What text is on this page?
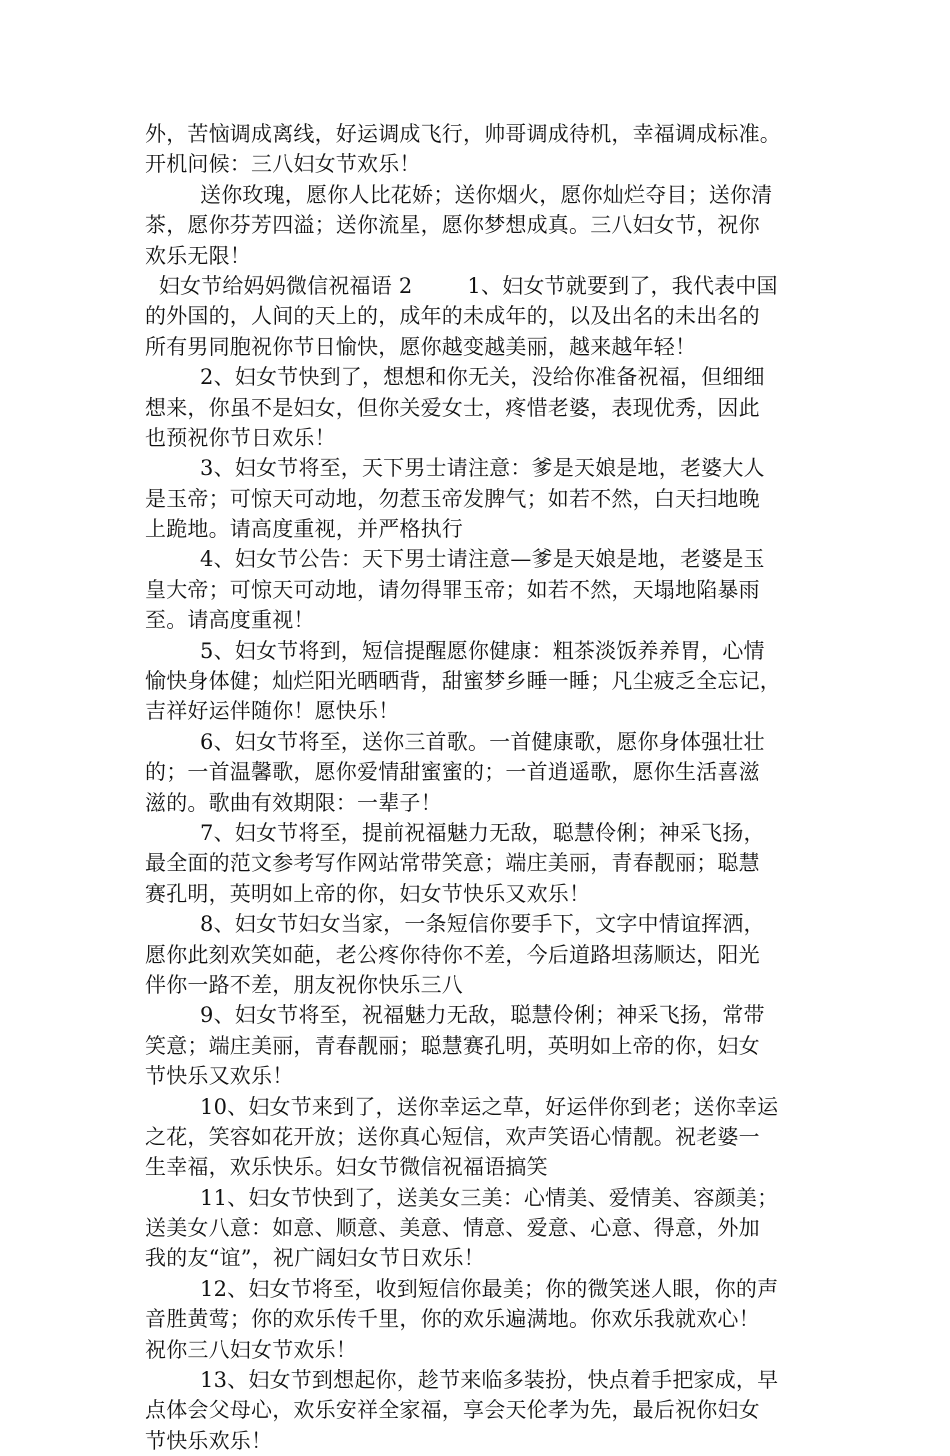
外，苦恼调成离线，好运调成飞行，帅哥调成待机，幸福调成标准。
开机问候：三八妇女节欢乐！
送你玫瑰，愿你人比花娇；送你烟火，愿你灿烂夺目；送你清
茶，愿你芬芳四溢；送你流星，愿你梦想成真。三八妇女节，祝你
欢乐无限！
妇女节给妈妈微信祝福语 2        1、妇女节就要到了，我代表中国
的外国的，人间的天上的，成年的未成年的，以及出名的未出名的
所有男同胞祝你节日愉快，愿你越变越美丽，越来越年轻！
2、妇女节快到了，想想和你无关，没给你准备祝福，但细细
想来，你虽不是妇女，但你关爱女士，疼惜老婆，表现优秀，因此
也预祝你节日欢乐！
3、妇女节将至，天下男士请注意：爹是天娘是地，老婆大人
是玉帝；可惊天可动地，勿惹玉帝发脾气；如若不然，白天扫地晚
上跪地。请高度重视，并严格执行
4、妇女节公告：天下男士请注意—爹是天娘是地，老婆是玉
皇大帝；可惊天可动地，请勿得罪玉帝；如若不然，天塌地陷暴雨
至。请高度重视！
5、妇女节将到，短信提醒愿你健康：粗茶淡饭养养胃，心情
愉快身体健；灿烂阳光晒晒背，甜蜜梦乡睡一睡；凡尘疲乏全忘记，
吉祥好运伴随你！愿快乐！
6、妇女节将至，送你三首歌。一首健康歌，愿你身体强壮壮
的；一首温馨歌，愿你爱情甜蜜蜜的；一首逍遥歌，愿你生活喜滋
滋的。歌曲有效期限：一辈子！
7、妇女节将至，提前祝福魅力无敌，聪慧伶俐；神采飞扬，
最全面的范文参考写作网站常带笑意；端庄美丽，青春靓丽；聪慧
赛孔明，英明如上帝的你，妇女节快乐又欢乐！
8、妇女节妇女当家，一条短信你要手下，文字中情谊挥洒，
愿你此刻欢笑如葩，老公疼你待你不差，今后道路坦荡顺达，阳光
伴你一路不差，朋友祝你快乐三八
9、妇女节将至，祝福魅力无敌，聪慧伶俐；神采飞扬，常带
笑意；端庄美丽，青春靓丽；聪慧赛孔明，英明如上帝的你，妇女
节快乐又欢乐！
10、妇女节来到了，送你幸运之草，好运伴你到老；送你幸运
之花，笑容如花开放；送你真心短信，欢声笑语心情靓。祝老婆一
生幸福，欢乐快乐。妇女节微信祝福语搞笑
11、妇女节快到了，送美女三美：心情美、爱情美、容颜美；
送美女八意：如意、顺意、美意、情意、爱意、心意、得意，外加
我的友“谊”，祝广阔妇女节日欢乐！
12、妇女节将至，收到短信你最美；你的微笑迷人眼，你的声
音胜黄莺；你的欢乐传千里，你的欢乐遍满地。你欢乐我就欢心！
祝你三八妇女节欢乐！
13、妇女节到想起你，趁节来临多装扮，快点着手把家成，早
点体会父母心，欢乐安祥全家福，享会天伦孝为先，最后祝你妇女
节快乐欢乐！
